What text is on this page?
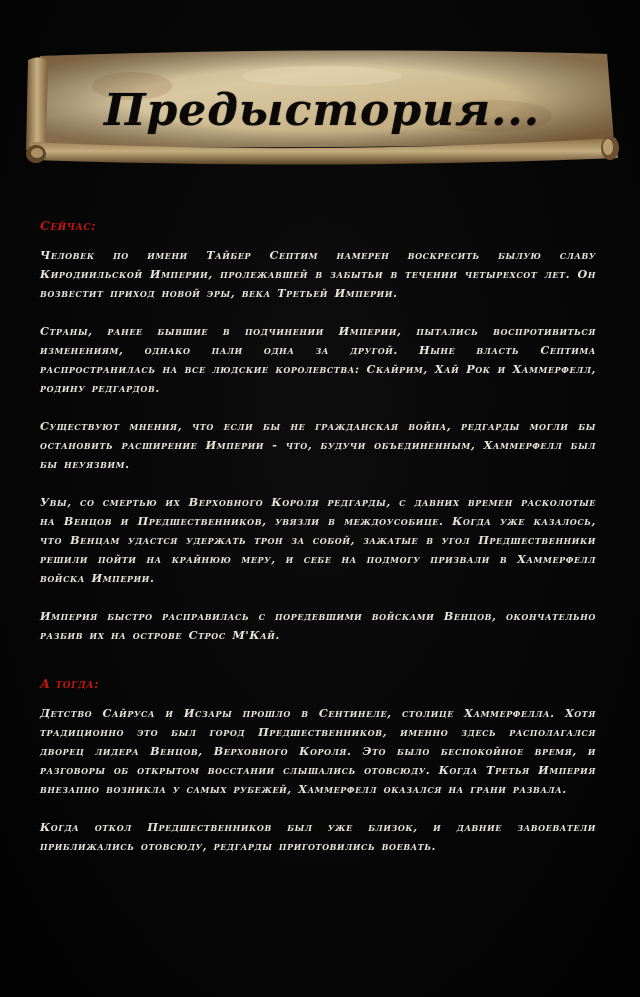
Предыстория...
Сейчас:

Человек по имени Тайбер Септим намерен воскресить былую славу Киродиильской Империи, пролежавшей в забытьи в течении четырехсот лет. Он возвестит приход новой эры, века Третьей Империи.

Страны, ранее бывшие в подчинении Империи, пытались воспротивиться изменениям, однако пали одна за другой. Ныне власть Септима распространилась на все людские королевства: Скайрим, Хай Рок и Хаммерфелл, родину редгардов.

Существуют мнения, что если бы не гражданская война, редгарды могли бы остановить расширение Империи - что, будучи объединенным, Хаммерфелл был бы неуязвим.

Увы, со смертью их Верховного Короля редгарды, с давних времен расколотые на Венцов и Предшественников, увязли в междоусобице. Когда уже казалось, что Венцам удастся удержать трон за собой, зажатые в угол Предшественники решили пойти на крайнюю меру, и себе на подмогу призвали в Хаммерфелл войска Империи.

Империя быстро расправилась с поредевшими войсками Венцов, окончательно разбив их на острове Строс М'Кай.

А тогда:

Детство Сайруса и Исзары прошло в Сентинеле, столице Хаммерфелла. Хотя традиционно это был город Предшественников, именно здесь располагался дворец лидера Венцов, Верховного Короля. Это было беспокойное время, и разговоры об открытом восстании слышались отовсюду. Когда Третья Империя внезапно возникла у самых рубежей, Хаммерфелл оказался на грани развала.

Когда откол Предшественников был уже близок, и давние завоеватели приближались отовсюду, редгарды приготовились воевать.
